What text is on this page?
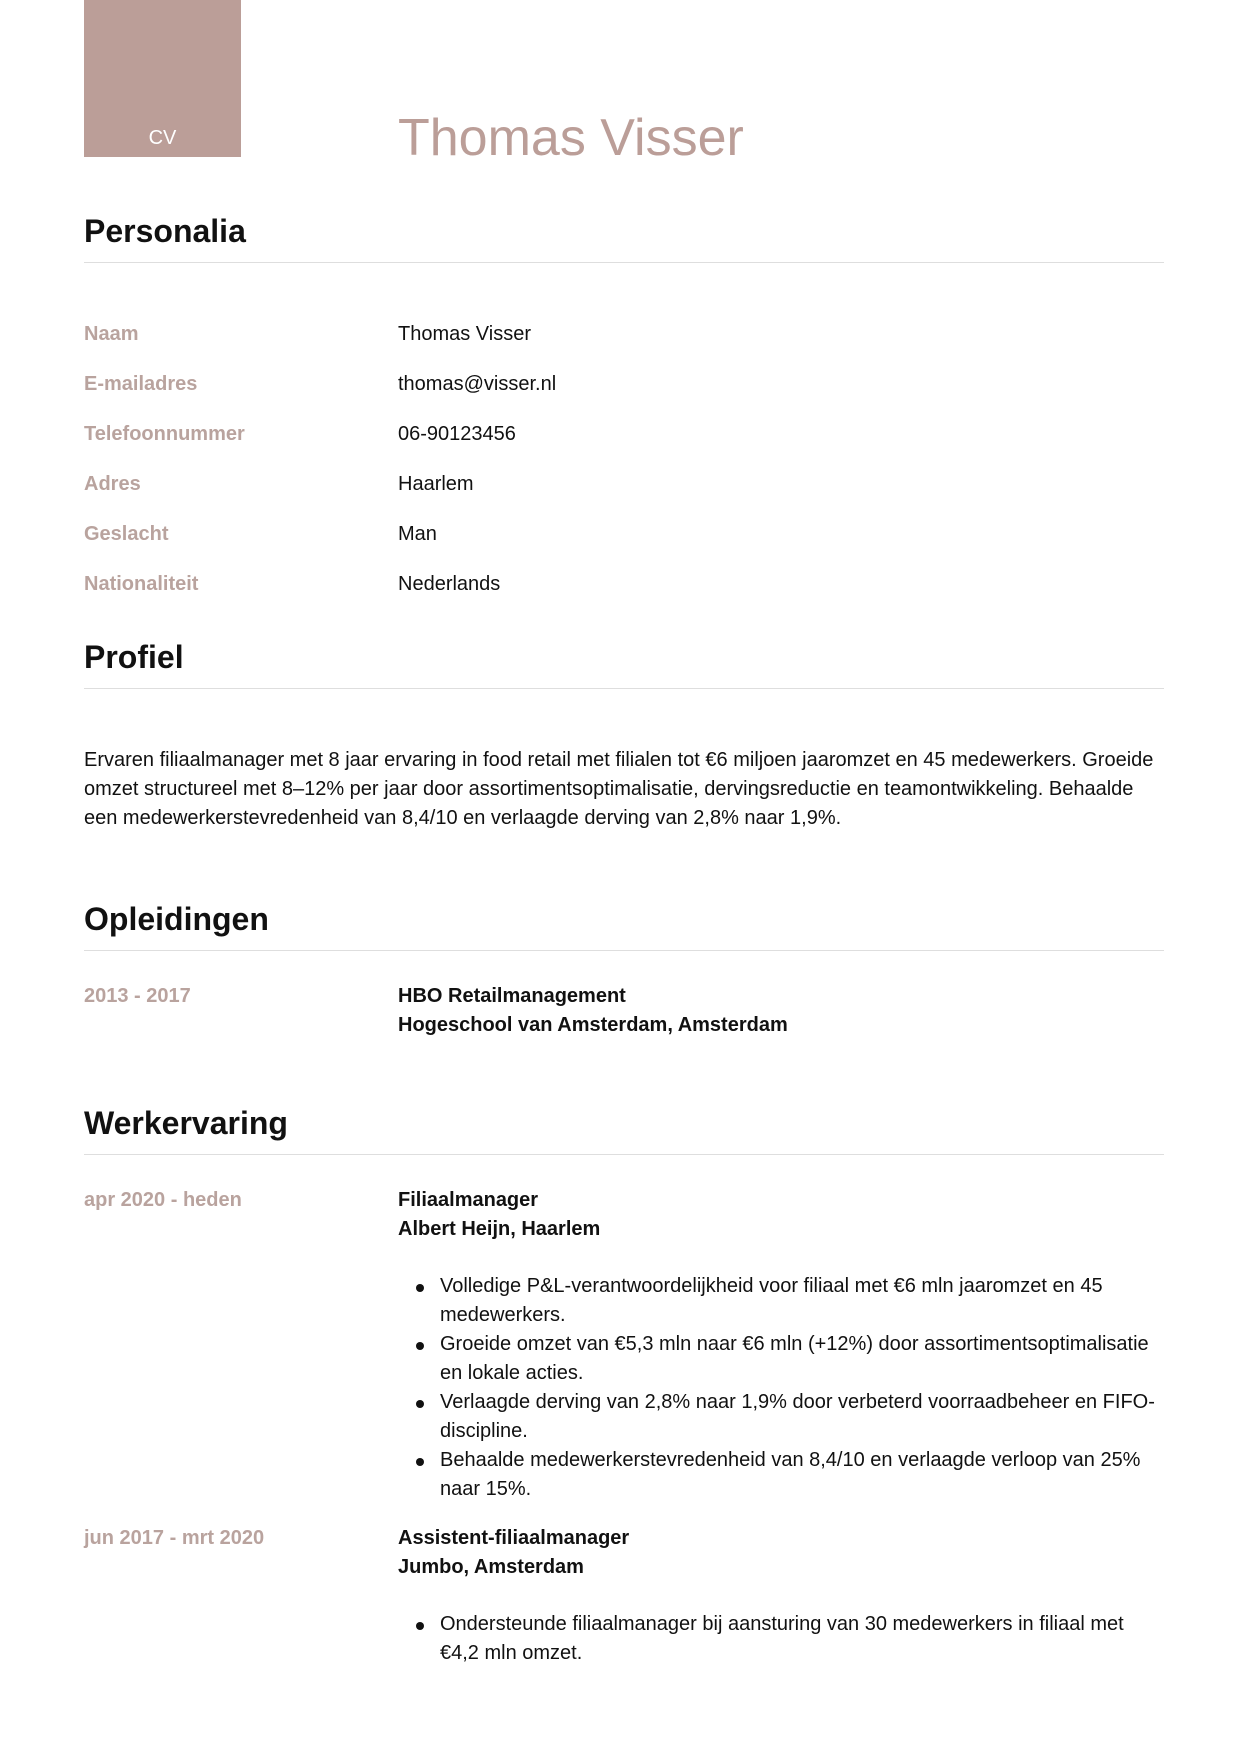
CV	Thomas Visser
Personalia
Naam	Thomas Visser
E-mailadres	thomas@visser.nl
Telefoonnummer	06-90123456
Adres	Haarlem
Geslacht	Man
Nationaliteit	Nederlands
Profiel

Ervaren filiaalmanager met 8 jaar ervaring in food retail met filialen tot €6 miljoen jaaromzet en 45 medewerkers. Groeide omzet structureel met 8–12% per jaar door assortimentsoptimalisatie, dervingsreductie en teamontwikkeling. Behaalde een medewerkerstevredenheid van 8,4/10 en verlaagde derving van 2,8% naar 1,9%.

Opleidingen
2013 - 2017	HBO Retailmanagement
Hogeschool van Amsterdam, Amsterdam
Werkervaring
apr 2020 - heden	Filiaalmanager
Albert Heijn, Haarlem
Volledige P&L-verantwoordelijkheid voor filiaal met €6 mln jaaromzet en 45 medewerkers.
Groeide omzet van €5,3 mln naar €6 mln (+12%) door assortimentsoptimalisatie en lokale acties.
Verlaagde derving van 2,8% naar 1,9% door verbeterd voorraadbeheer en FIFO-discipline.
Behaalde medewerkerstevredenheid van 8,4/10 en verlaagde verloop van 25% naar 15%.
jun 2017 - mrt 2020	Assistent-filiaalmanager
Jumbo, Amsterdam
Ondersteunde filiaalmanager bij aansturing van 30 medewerkers in filiaal met €4,2 mln omzet.
